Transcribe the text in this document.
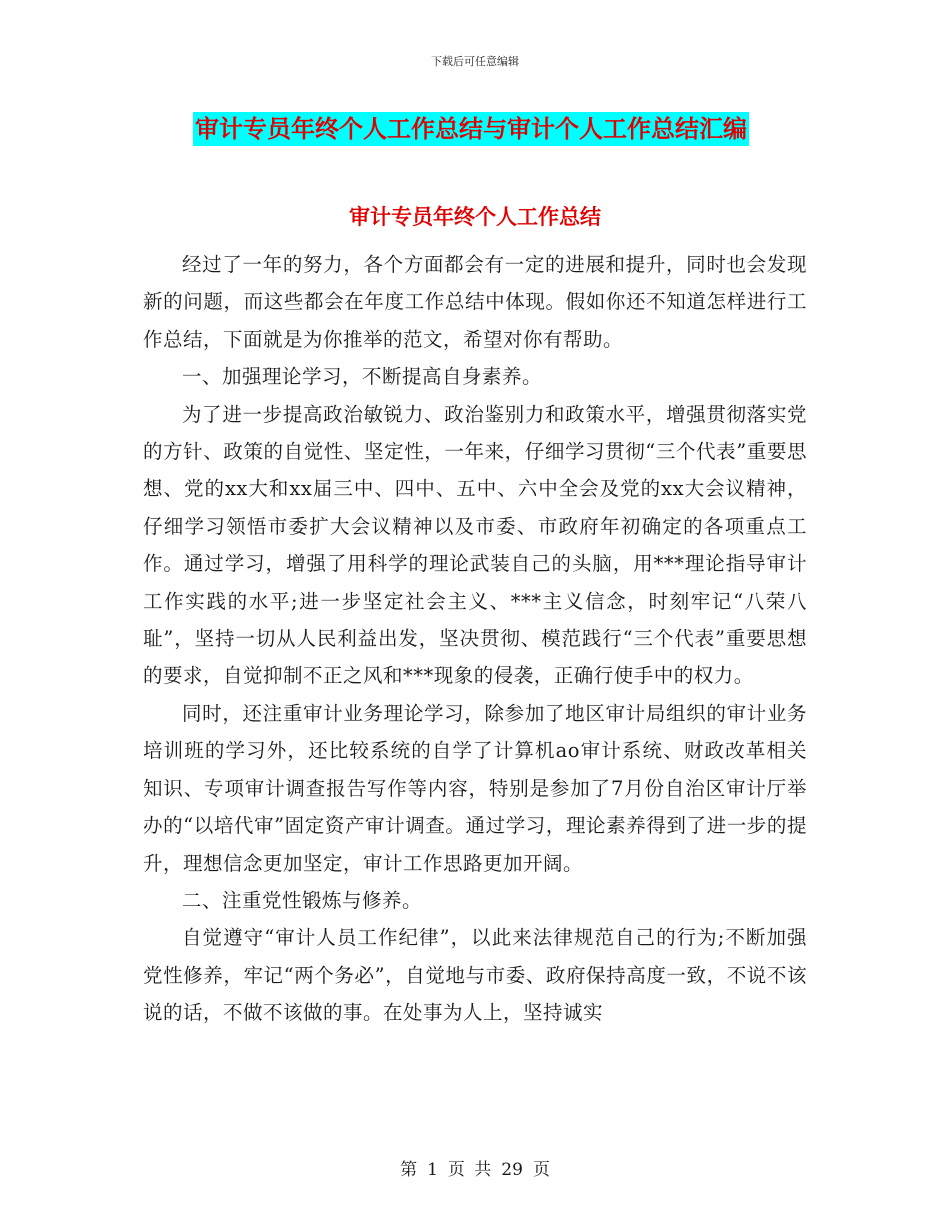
下载后可任意编辑
审计专员年终个人工作总结与审计个人工作总结汇编
审计专员年终个人工作总结

经过了一年的努力，各个方面都会有一定的进展和提升，同时也会发现新的问题，而这些都会在年度工作总结中体现。假如你还不知道怎样进行工作总结，下面就是为你推举的范文，希望对你有帮助。

一、加强理论学习，不断提高自身素养。

为了进一步提高政治敏锐力、政治鉴别力和政策水平，增强贯彻落实党的方针、政策的自觉性、坚定性，一年来，仔细学习贯彻“三个代表”重要思想、党的xx大和xx届三中、四中、五中、六中全会及党的xx大会议精神，仔细学习领悟市委扩大会议精神以及市委、市政府年初确定的各项重点工作。通过学习，增强了用科学的理论武装自己的头脑，用***理论指导审计工作实践的水平;进一步坚定社会主义、***主义信念，时刻牢记“八荣八耻”，坚持一切从人民利益出发，坚决贯彻、模范践行“三个代表”重要思想的要求，自觉抑制不正之风和***现象的侵袭，正确行使手中的权力。

同时，还注重审计业务理论学习，除参加了地区审计局组织的审计业务培训班的学习外，还比较系统的自学了计算机ao审计系统、财政改革相关知识、专项审计调查报告写作等内容，特别是参加了7月份自治区审计厅举办的“以培代审”固定资产审计调查。通过学习，理论素养得到了进一步的提升，理想信念更加坚定，审计工作思路更加开阔。

二、注重党性锻炼与修养。

自觉遵守“审计人员工作纪律”，以此来法律规范自己的行为;不断加强党性修养，牢记“两个务必”，自觉地与市委、政府保持高度一致，不说不该说的话，不做不该做的事。在处事为人上，坚持诚实

第 1 页 共 29 页
